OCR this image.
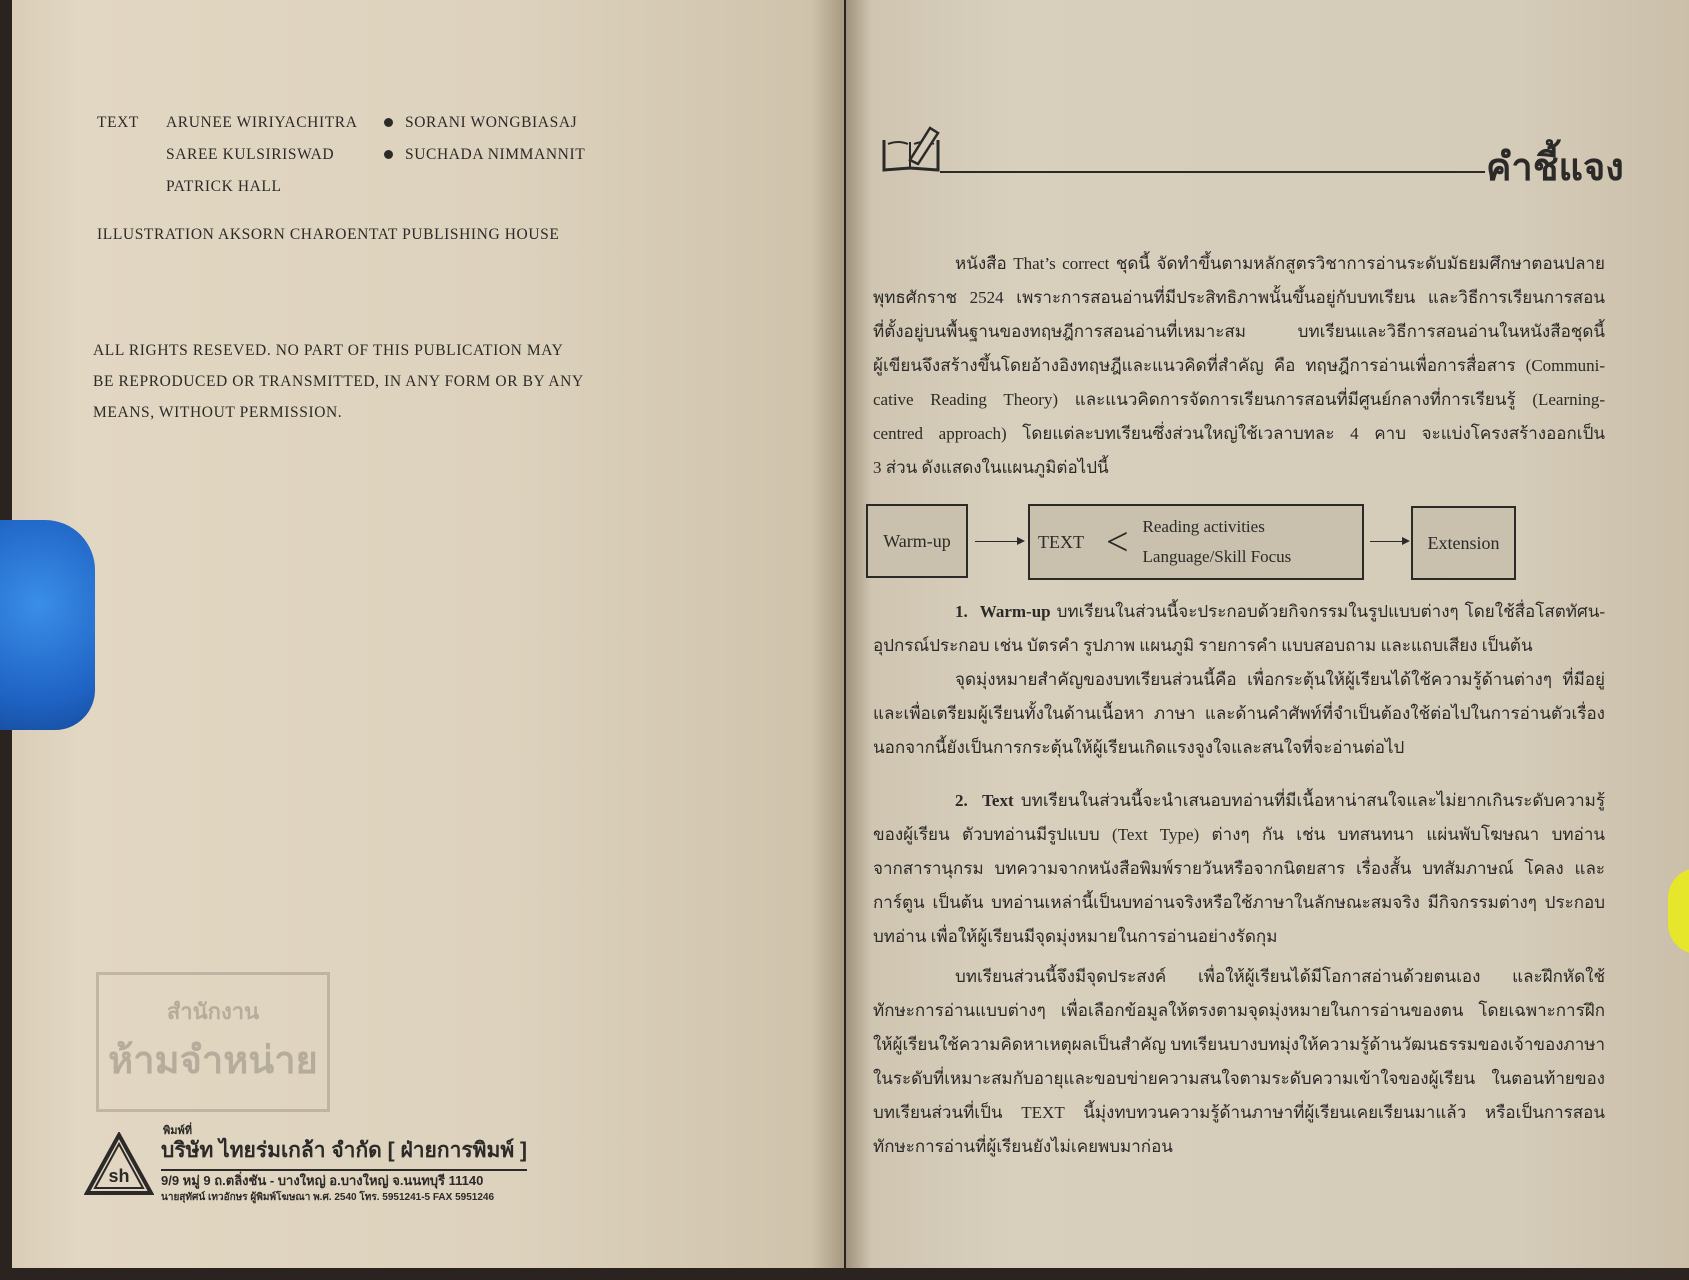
TEXT ARUNEE WIRIYACHITRA	SORANI WONGBIASAJ
SAREE KULSIRISWAD	SUCHADA NIMMANNIT
PATRICK HALL
ILLUSTRATION AKSORN CHAROENTAT PUBLISHING HOUSE
ALL RIGHTS RESEVED. NO PART OF THIS PUBLICATION MAY
BE REPRODUCED OR TRANSMITTED, IN ANY FORM OR BY ANY
MEANS, WITHOUT PERMISSION.
สำนักงาน
ห้ามจำหน่าย
sh
พิมพ์ที่
บริษัท ไทยร่มเกล้า จำกัด [ ฝ่ายการพิมพ์ ]
9/9 หมู่ 9 ถ.ตลิ่งชัน - บางใหญ่ อ.บางใหญ่ จ.นนทบุรี 11140
นายสุทัศน์ เทวอักษร ผู้พิมพ์โฆษณา พ.ศ. 2540 โทร. 5951241-5 FAX 5951246
คำชี้แจง
หนังสือ That’s correct ชุดนี้ จัดทำขึ้นตามหลักสูตรวิชาการอ่านระดับมัธยมศึกษาตอนปลาย
พุทธศักราช 2524 เพราะการสอนอ่านที่มีประสิทธิภาพนั้นขึ้นอยู่กับบทเรียน และวิธีการเรียนการสอน
ที่ตั้งอยู่บนพื้นฐานของทฤษฎีการสอนอ่านที่เหมาะสม บทเรียนและวิธีการสอนอ่านในหนังสือชุดนี้
ผู้เขียนจึงสร้างขึ้นโดยอ้างอิงทฤษฎีและแนวคิดที่สำคัญ คือ ทฤษฎีการอ่านเพื่อการสื่อสาร (Communi-
cative Reading Theory) และแนวคิดการจัดการเรียนการสอนที่มีศูนย์กลางที่การเรียนรู้ (Learning-
centred approach) โดยแต่ละบทเรียนซึ่งส่วนใหญ่ใช้เวลาบทละ 4 คาบ จะแบ่งโครงสร้างออกเป็น
3 ส่วน ดังแสดงในแผนภูมิต่อไปนี้
Warm-up	TEXT < Reading activities
Language/Skill Focus
Extension
1. Warm-up บทเรียนในส่วนนี้จะประกอบด้วยกิจกรรมในรูปแบบต่างๆ โดยใช้สื่อโสตทัศน-
อุปกรณ์ประกอบ เช่น บัตรคำ รูปภาพ แผนภูมิ รายการคำ แบบสอบถาม และแถบเสียง เป็นต้น
จุดมุ่งหมายสำคัญของบทเรียนส่วนนี้คือ เพื่อกระตุ้นให้ผู้เรียนได้ใช้ความรู้ด้านต่างๆ ที่มีอยู่
และเพื่อเตรียมผู้เรียนทั้งในด้านเนื้อหา ภาษา และด้านคำศัพท์ที่จำเป็นต้องใช้ต่อไปในการอ่านตัวเรื่อง
นอกจากนี้ยังเป็นการกระตุ้นให้ผู้เรียนเกิดแรงจูงใจและสนใจที่จะอ่านต่อไป
2. Text บทเรียนในส่วนนี้จะนำเสนอบทอ่านที่มีเนื้อหาน่าสนใจและไม่ยากเกินระดับความรู้
ของผู้เรียน ตัวบทอ่านมีรูปแบบ (Text Type) ต่างๆ กัน เช่น บทสนทนา แผ่นพับโฆษณา บทอ่าน
จากสารานุกรม บทความจากหนังสือพิมพ์รายวันหรือจากนิตยสาร เรื่องสั้น บทสัมภาษณ์ โคลง และ
การ์ตูน เป็นต้น บทอ่านเหล่านี้เป็นบทอ่านจริงหรือใช้ภาษาในลักษณะสมจริง มีกิจกรรมต่างๆ ประกอบ
บทอ่าน เพื่อให้ผู้เรียนมีจุดมุ่งหมายในการอ่านอย่างรัดกุม
บทเรียนส่วนนี้จึงมีจุดประสงค์ เพื่อให้ผู้เรียนได้มีโอกาสอ่านด้วยตนเอง และฝึกหัดใช้
ทักษะการอ่านแบบต่างๆ เพื่อเลือกข้อมูลให้ตรงตามจุดมุ่งหมายในการอ่านของตน โดยเฉพาะการฝึก
ให้ผู้เรียนใช้ความคิดหาเหตุผลเป็นสำคัญ บทเรียนบางบทมุ่งให้ความรู้ด้านวัฒนธรรมของเจ้าของภาษา
ในระดับที่เหมาะสมกับอายุและขอบข่ายความสนใจตามระดับความเข้าใจของผู้เรียน ในตอนท้ายของ
บทเรียนส่วนที่เป็น TEXT นี้มุ่งทบทวนความรู้ด้านภาษาที่ผู้เรียนเคยเรียนมาแล้ว หรือเป็นการสอน
ทักษะการอ่านที่ผู้เรียนยังไม่เคยพบมาก่อน
